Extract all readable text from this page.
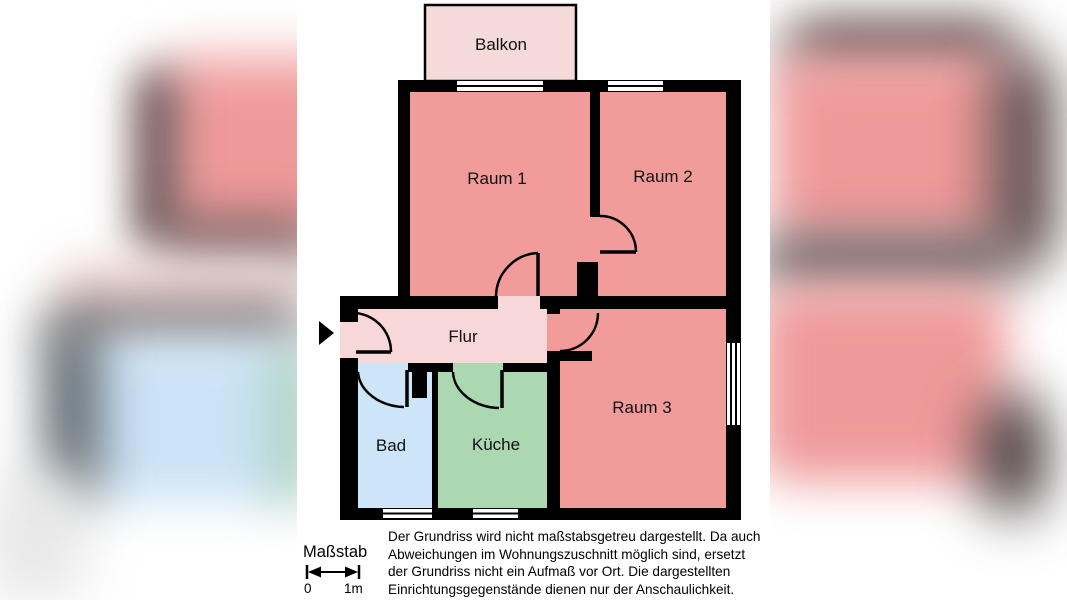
Balkon
Raum 1	Raum 2
Flur
Bad	Küche
Raum 3
Maßstab
0 1m
Der Grundriss wird nicht maßstabsgetreu dargestellt. Da auch
Abweichungen im Wohnungszuschnitt möglich sind, ersetzt
der Grundriss nicht ein Aufmaß vor Ort. Die dargestellten
Einrichtungsgegenstände dienen nur der Anschaulichkeit.
